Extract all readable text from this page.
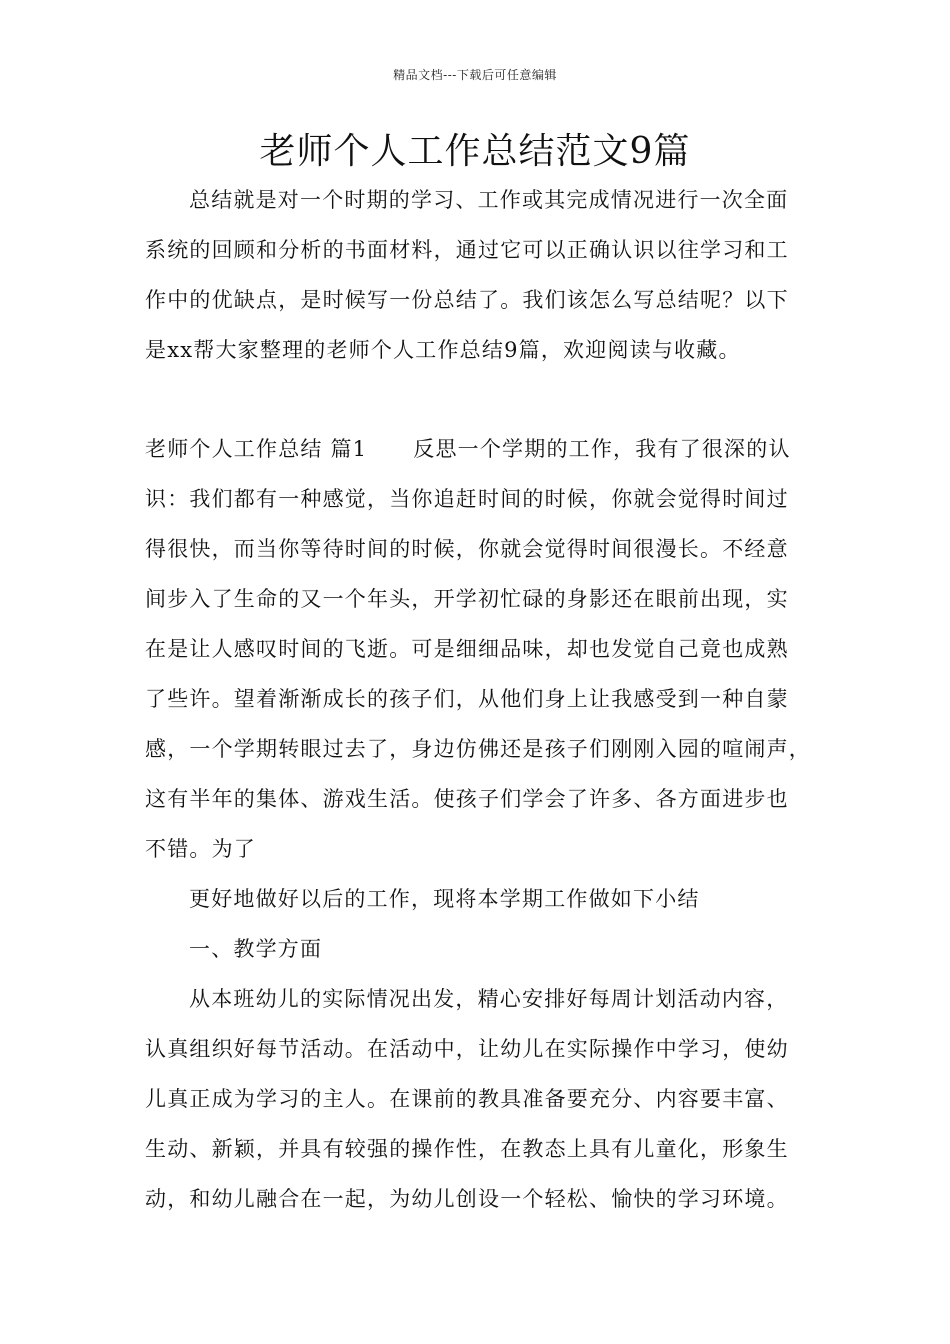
精品文档---下载后可任意编辑
老师个人工作总结范文9篇

总结就是对一个时期的学习、工作或其完成情况进行一次全面
系统的回顾和分析的书面材料，通过它可以正确认识以往学习和工
作中的优缺点，是时候写一份总结了。我们该怎么写总结呢？以下
是xx帮大家整理的老师个人工作总结9篇，欢迎阅读与收藏。

老师个人工作总结 篇1 反思一个学期的工作，我有了很深的认
识：我们都有一种感觉，当你追赶时间的时候，你就会觉得时间过
得很快，而当你等待时间的时候，你就会觉得时间很漫长。不经意
间步入了生命的又一个年头，开学初忙碌的身影还在眼前出现，实
在是让人感叹时间的飞逝。可是细细品味，却也发觉自己竟也成熟
了些许。望着渐渐成长的孩子们，从他们身上让我感受到一种自蒙
感，一个学期转眼过去了，身边仿佛还是孩子们刚刚入园的喧闹声，
这有半年的集体、游戏生活。使孩子们学会了许多、各方面进步也
不错。为了

更好地做好以后的工作，现将本学期工作做如下小结

一、教学方面

从本班幼儿的实际情况出发，精心安排好每周计划活动内容，
认真组织好每节活动。在活动中，让幼儿在实际操作中学习，使幼
儿真正成为学习的主人。在课前的教具准备要充分、内容要丰富、
生动、新颖，并具有较强的操作性，在教态上具有儿童化，形象生
动，和幼儿融合在一起，为幼儿创设一个轻松、愉快的学习环境。
